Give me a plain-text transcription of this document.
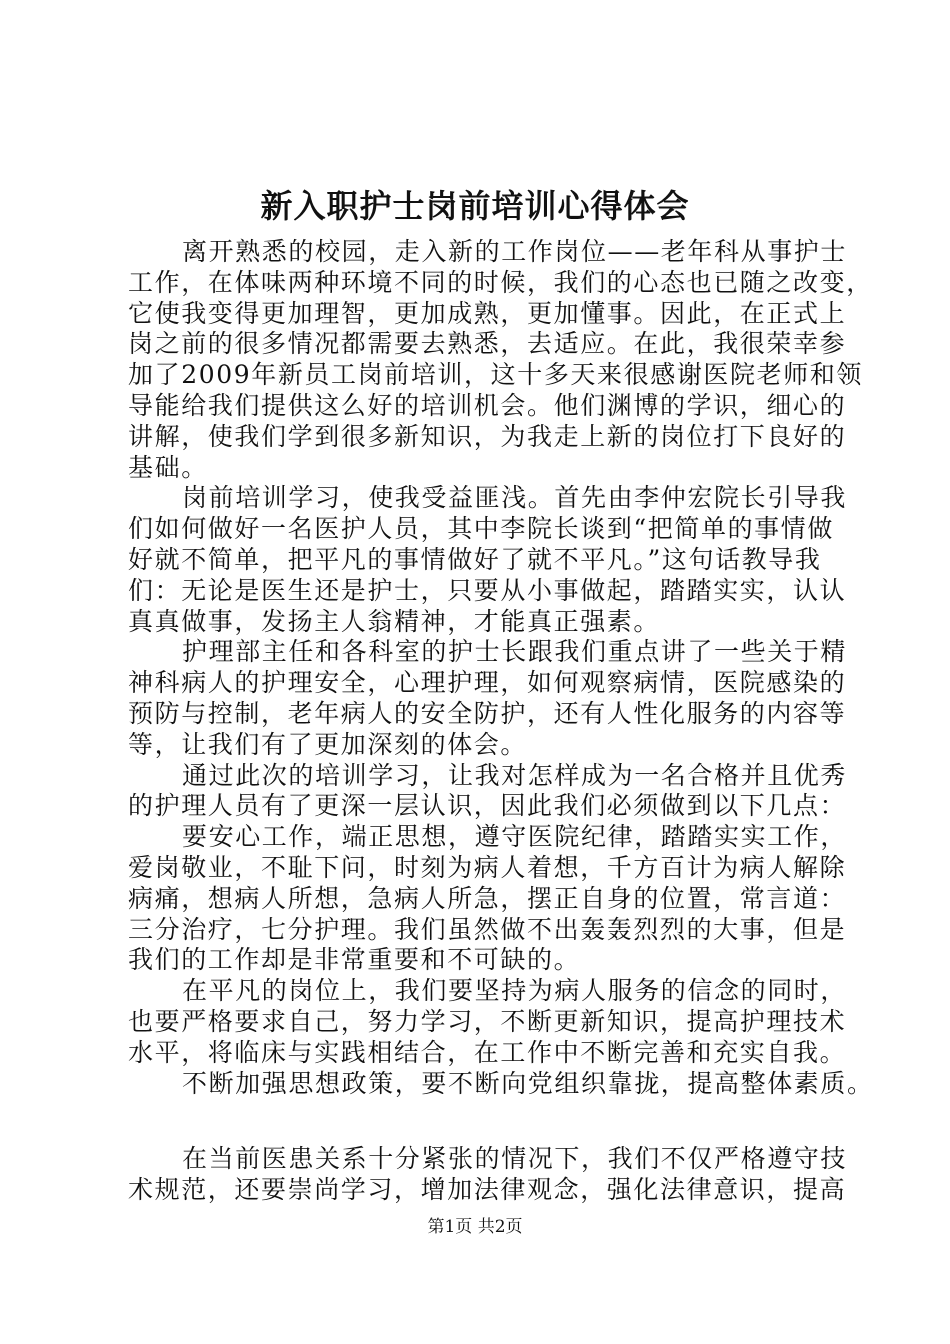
新入职护士岗前培训心得体会
离开熟悉的校园，走入新的工作岗位——老年科从事护士
工作，在体味两种环境不同的时候，我们的心态也已随之改变，
它使我变得更加理智，更加成熟，更加懂事。因此，在正式上
岗之前的很多情况都需要去熟悉，去适应。在此，我很荣幸参
加了2009年新员工岗前培训，这十多天来很感谢医院老师和领
导能给我们提供这么好的培训机会。他们渊博的学识，细心的
讲解，使我们学到很多新知识，为我走上新的岗位打下良好的
基础。
岗前培训学习，使我受益匪浅。首先由李仲宏院长引导我
们如何做好一名医护人员，其中李院长谈到“把简单的事情做
好就不简单，把平凡的事情做好了就不平凡。”这句话教导我
们：无论是医生还是护士，只要从小事做起，踏踏实实，认认
真真做事，发扬主人翁精神，才能真正强素。
护理部主任和各科室的护士长跟我们重点讲了一些关于精
神科病人的护理安全，心理护理，如何观察病情，医院感染的
预防与控制，老年病人的安全防护，还有人性化服务的内容等
等，让我们有了更加深刻的体会。
通过此次的培训学习，让我对怎样成为一名合格并且优秀
的护理人员有了更深一层认识，因此我们必须做到以下几点：
要安心工作，端正思想，遵守医院纪律，踏踏实实工作，
爱岗敬业，不耻下问，时刻为病人着想，千方百计为病人解除
病痛，想病人所想，急病人所急，摆正自身的位置，常言道：
三分治疗，七分护理。我们虽然做不出轰轰烈烈的大事，但是
我们的工作却是非常重要和不可缺的。
在平凡的岗位上，我们要坚持为病人服务的信念的同时，
也要严格要求自己，努力学习，不断更新知识，提高护理技术
水平，将临床与实践相结合，在工作中不断完善和充实自我。
不断加强思想政策，要不断向党组织靠拢，提高整体素质。
在当前医患关系十分紧张的情况下，我们不仅严格遵守技
术规范，还要崇尚学习，增加法律观念，强化法律意识，提高
第1页 共2页
